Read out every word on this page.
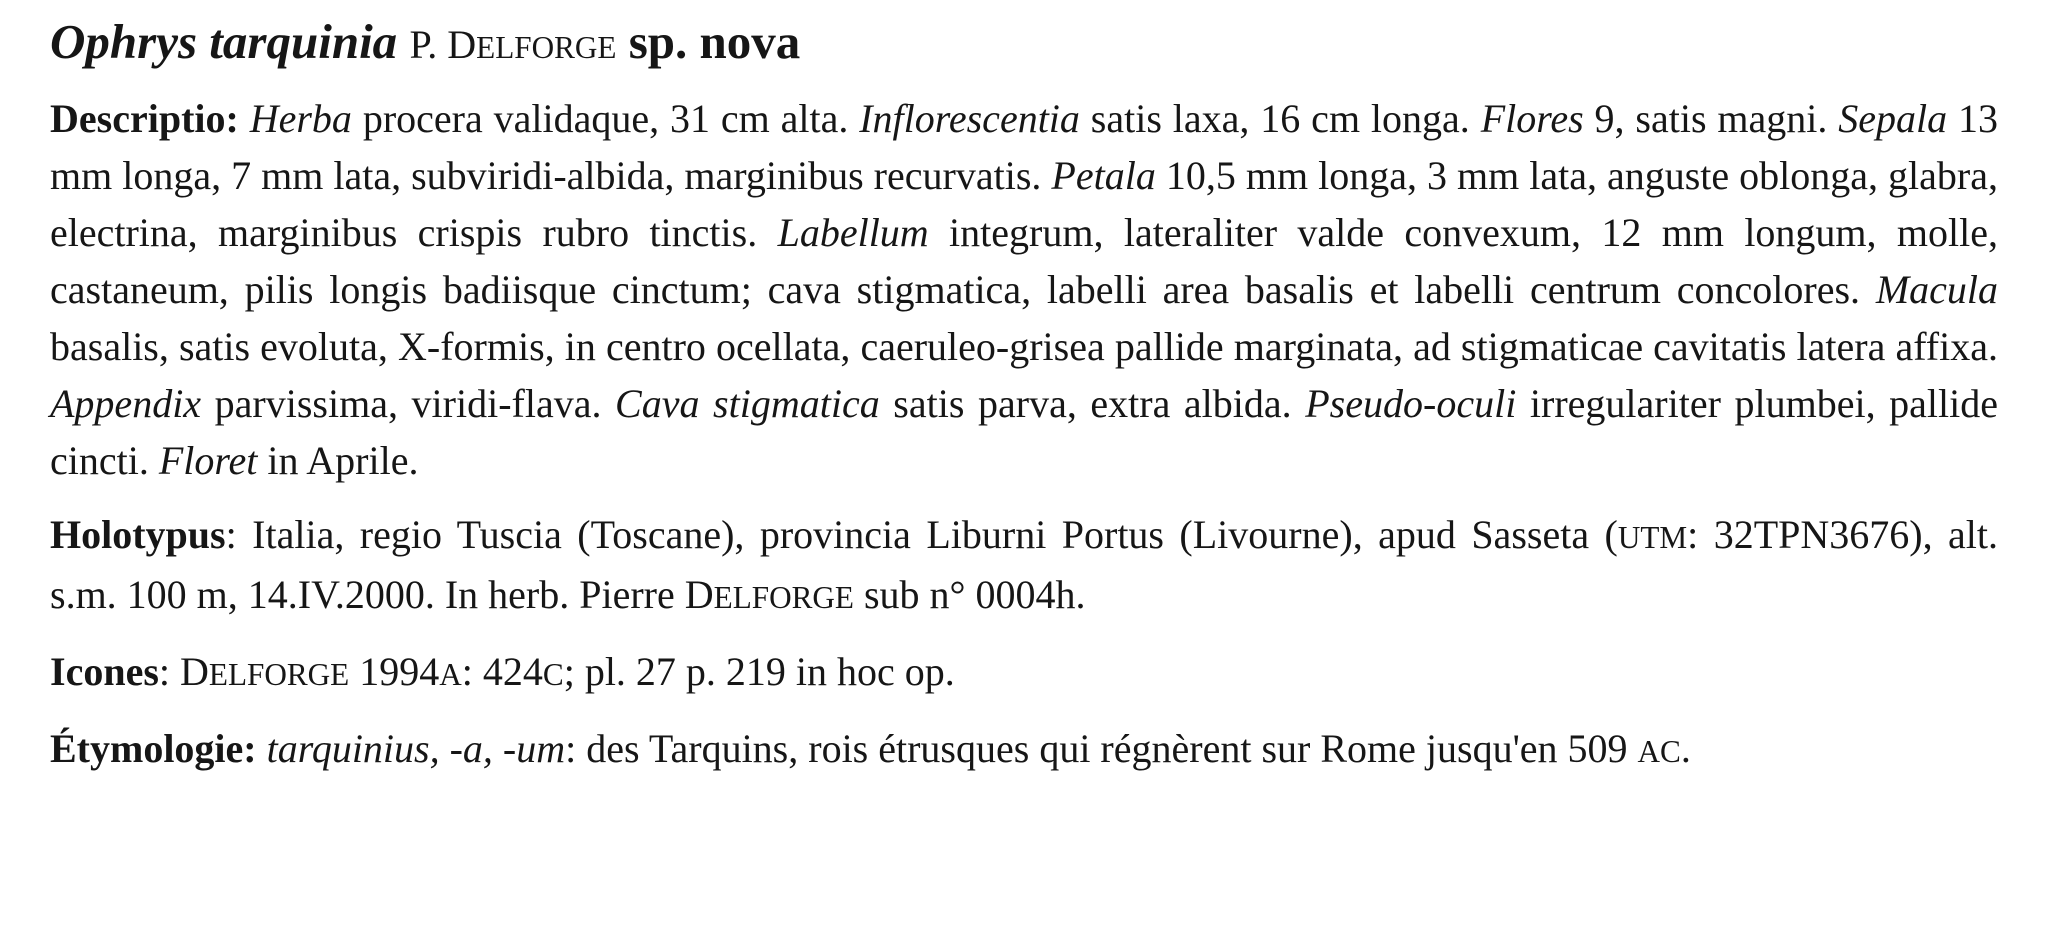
Ophrys tarquinia P. DELFORGE sp. nova

Descriptio: Herba procera validaque, 31 cm alta. Inflorescentia satis laxa, 16 cm longa. Flores 9, satis magni. Sepala 13 mm longa, 7 mm lata, subviridi-albida, marginibus recurvatis. Petala 10,5 mm longa, 3 mm lata, anguste oblonga, glabra, electrina, marginibus crispis rubro tinctis. Labellum integrum, lateraliter valde convexum, 12 mm longum, molle, castaneum, pilis longis badiisque cinctum; cava stigmatica, labelli area basalis et labelli centrum concolores. Macula basalis, satis evoluta, X-formis, in centro ocellata, caeruleo-grisea pallide marginata, ad stigmaticae cavitatis latera affixa. Appendix parvissima, viridi-flava. Cava stigmatica satis parva, extra albida. Pseudo-oculi irregulariter plumbei, pallide cincti. Floret in Aprile.

Holotypus: Italia, regio Tuscia (Toscane), provincia Liburni Portus (Livourne), apud Sasseta (UTM: 32TPN3676), alt. s.m. 100 m, 14.IV.2000. In herb. Pierre DELFORGE sub n° 0004h.

Icones: DELFORGE 1994A: 424C; pl. 27 p. 219 in hoc op.

Étymologie: tarquinius, -a, -um: des Tarquins, rois étrusques qui régnèrent sur Rome jusqu'en 509 AC.
